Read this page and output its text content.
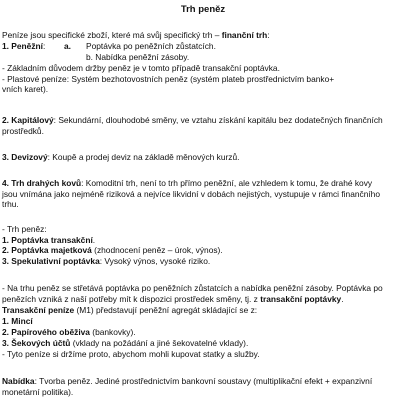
Trh peněz
Peníze jsou specifické zboží, které má svůj specifický trh – finanční trh:
1. Peněžní: a. Poptávka po peněžních zůstatcích.
b. Nabídka peněžní zásoby.
- Základním důvodem držby peněz je v tomto případě transakční poptávka.
- Plastové peníze: Systém bezhotovostních peněz (systém plateb prostřednictvím banko+
vních karet).
2. Kapitálový: Sekundární, dlouhodobé směny, ve vztahu získání kapitálu bez dodatečných finančních
prostředků.
3. Devizový: Koupě a prodej deviz na základě měnových kurzů.
4. Trh drahých kovů: Komoditní trh, není to trh přímo peněžní, ale vzhledem k tomu, že drahé kovy
jsou vnímána jako nejméně riziková a nejvíce likvidní v dobách nejistých, vystupuje v rámci finančního
trhu.
- Trh peněz:
1. Poptávka transakční.
2. Poptávka majetková (zhodnocení peněz – úrok, výnos).
3. Spekulativní poptávka: Vysoký výnos, vysoké riziko.
- Na trhu peněz se střetává poptávka po peněžních zůstatcích a nabídka peněžní zásoby. Poptávka po
penězích vzniká z naší potřeby mít k dispozici prostředek směny, tj. z transakční poptávky.
Transakční peníze (M1) představují peněžní agregát skládající se z:
1. Mincí
2. Papírového oběživa (bankovky).
3. Šekových účtů (vklady na požádání a jiné šekovatelné vklady).
- Tyto peníze si držíme proto, abychom mohli kupovat statky a služby.
Nabídka: Tvorba peněz. Jediné prostřednictvím bankovní soustavy (multiplikační efekt + expanzivní
monetární politika).
